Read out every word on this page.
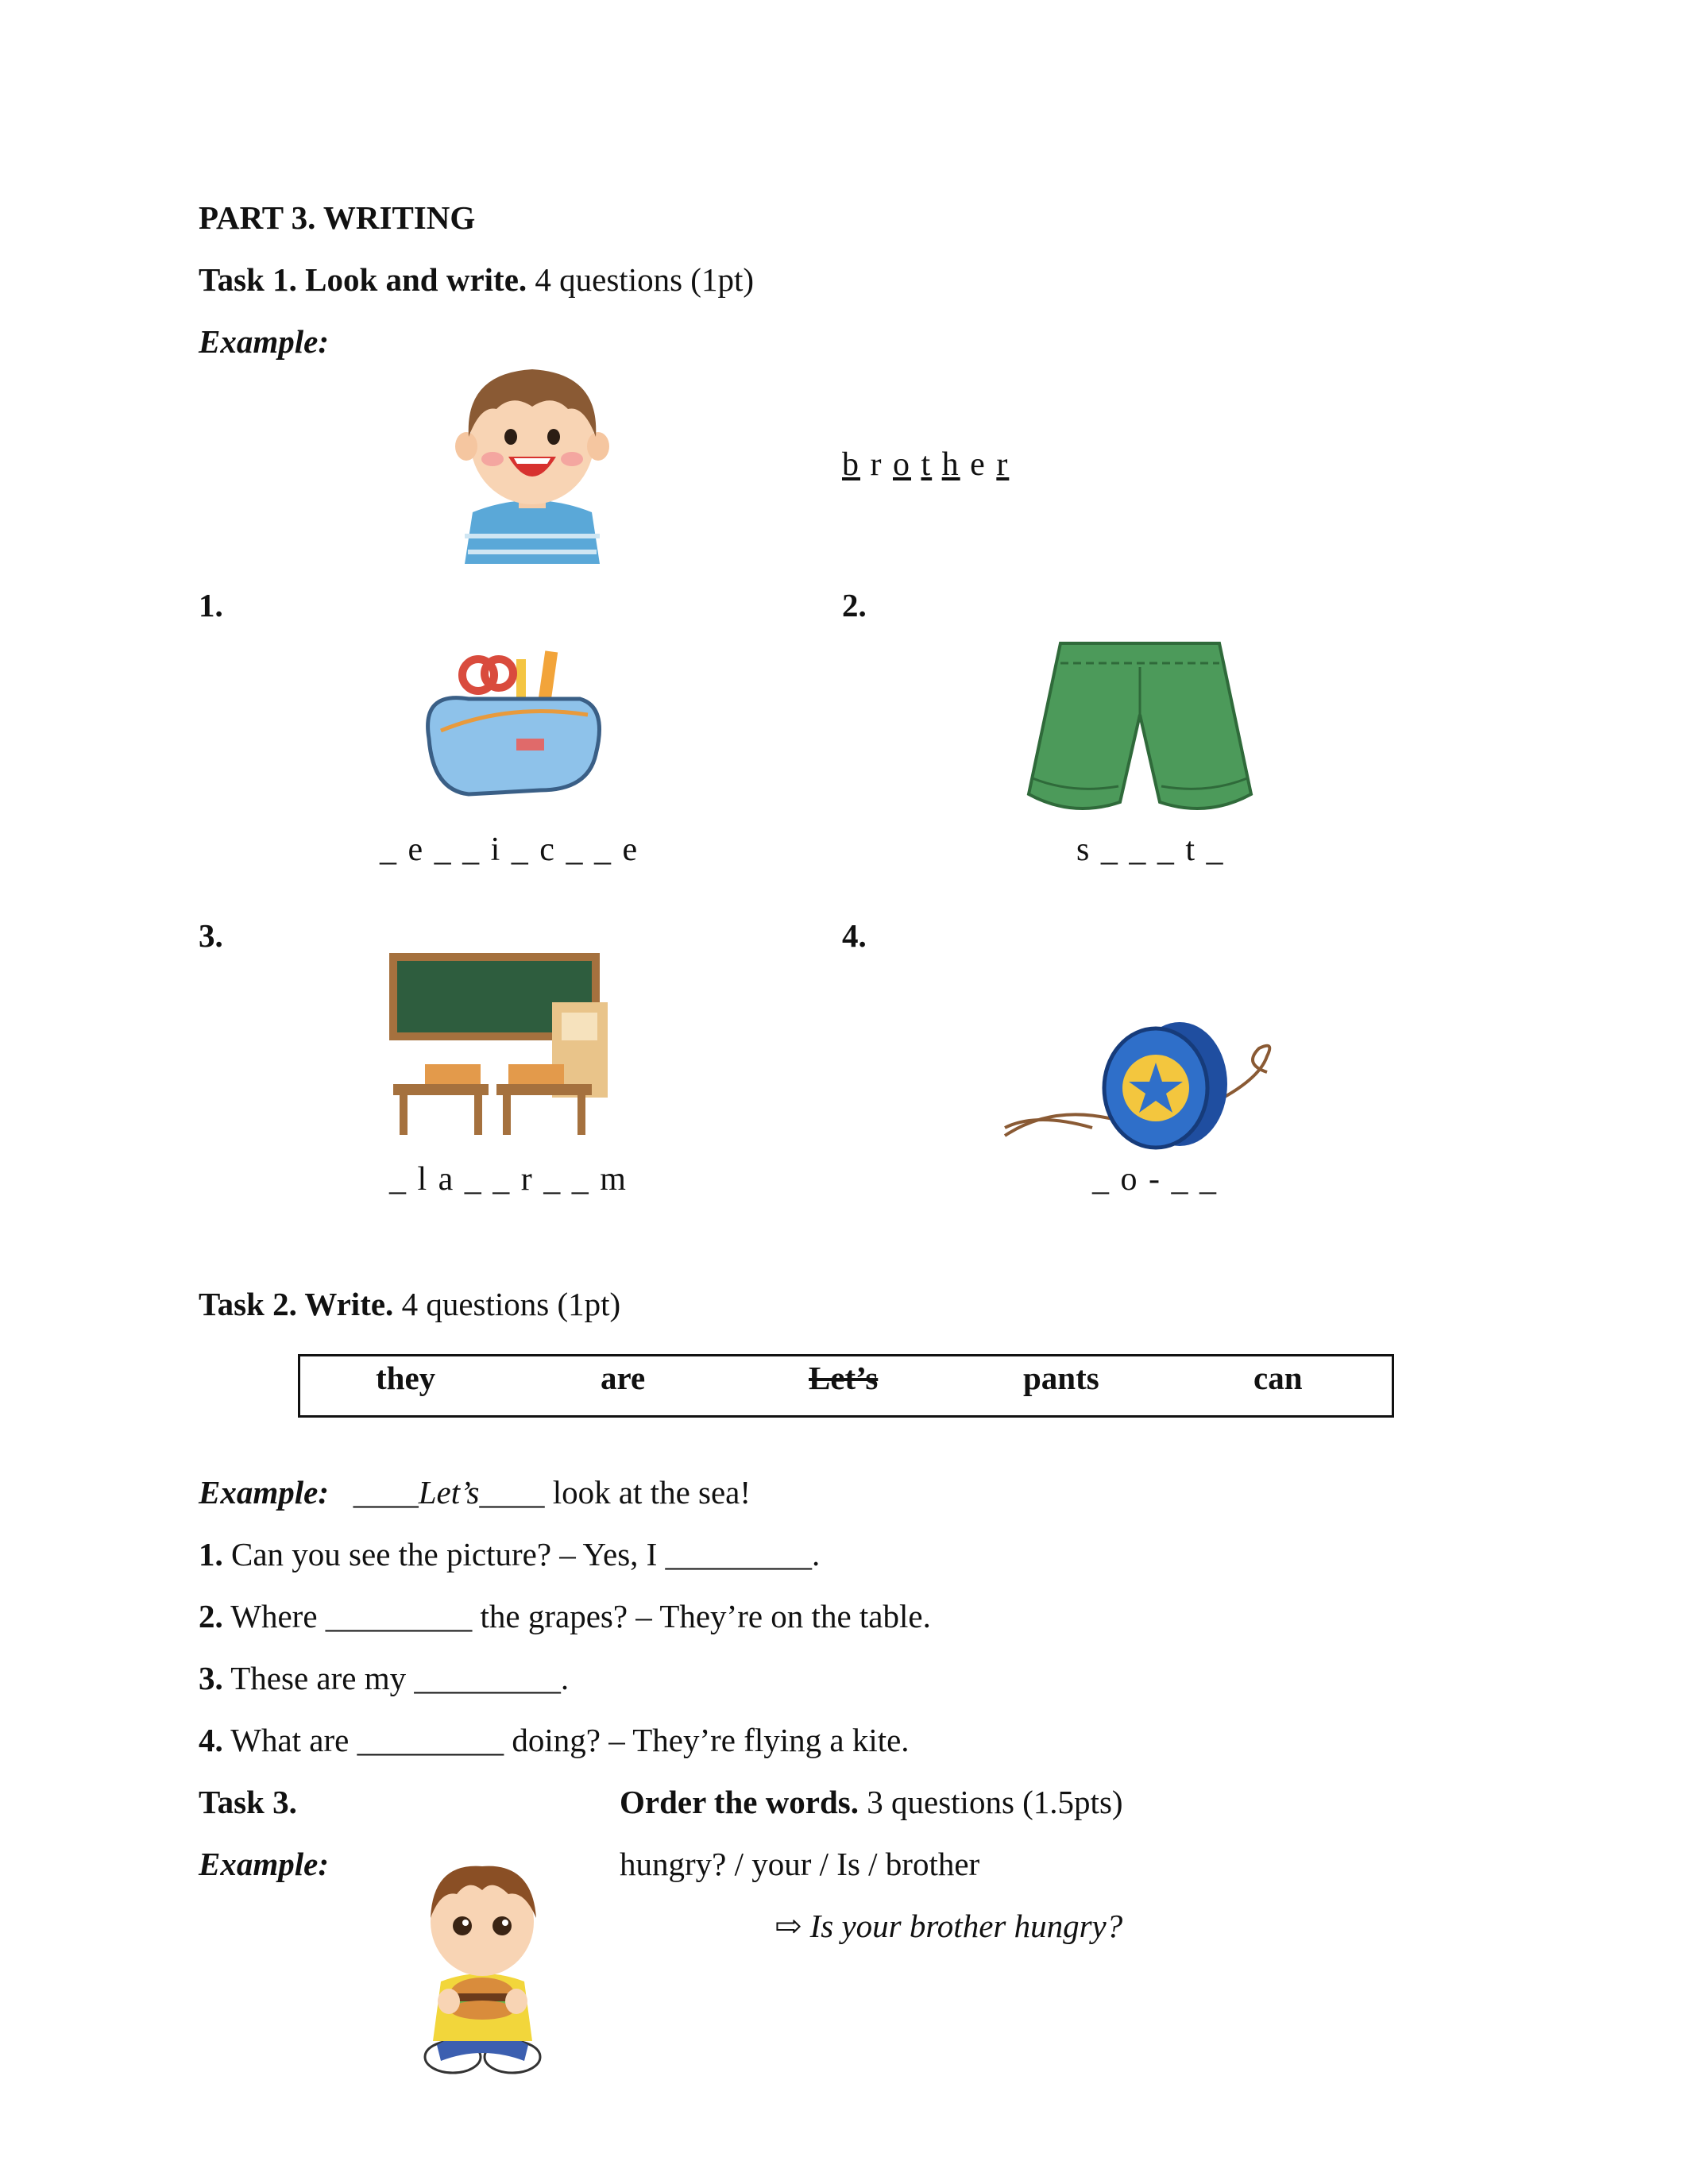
PART 3. WRITING
Task 1. Look and write. 4 questions (1pt)
Example:
b r o t h e r
1.
_ e _ _ i _ c _ _ e
2.
s _ _ _ t _
3.
_ l a _ _ r _ _ m
4.
_ o - _ _
Task 2. Write. 4 questions (1pt)
they	are	Let’s	pants	can
Example: ____Let’s____ look at the sea!
1. Can you see the picture? – Yes, I _________.
2. Where _________ the grapes? – They’re on the table.
3. These are my _________.
4. What are _________ doing? – They’re flying a kite.
Task 3.	Order the words. 3 questions (1.5pts)
Example:	hungry? / your / Is / brother
⇨ Is your brother hungry?
